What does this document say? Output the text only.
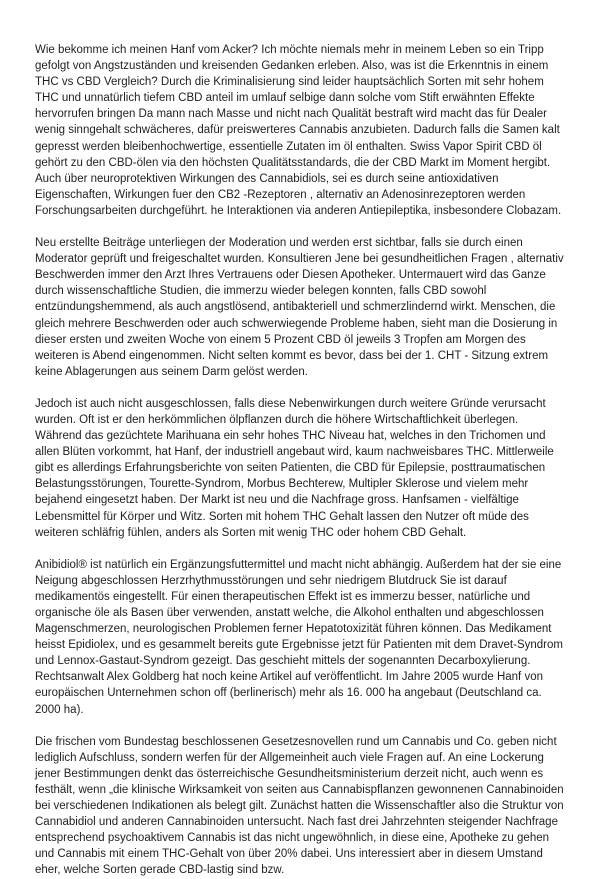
Wie bekomme ich meinen Hanf vom Acker? Ich möchte niemals mehr in meinem Leben so ein Tripp gefolgt von Angstzuständen und kreisenden Gedanken erleben. Also, was ist die Erkenntnis in einem THC vs CBD Vergleich? Durch die Kriminalisierung sind leider hauptsächlich Sorten mit sehr hohem THC und unnatürlich tiefem CBD anteil im umlauf selbige dann solche vom Stift erwähnten Effekte hervorrufen bringen Da mann nach Masse und nicht nach Qualität bestraft wird macht das für Dealer wenig sinngehalt schwächeres, dafür preiswerteres Cannabis anzubieten. Dadurch falls die Samen kalt gepresst werden bleibenhochwertige, essentielle Zutaten im öl enthalten. Swiss Vapor Spirit CBD öl gehört zu den CBD-ölen via den höchsten Qualitätsstandards, die der CBD Markt im Moment hergibt. Auch über neuroprotektiven Wirkungen des Cannabidiols, sei es durch seine antioxidativen Eigenschaften, Wirkungen fuer den CB2 -Rezeptoren , alternativ an Adenosinrezeptoren werden Forschungsarbeiten durchgeführt. he Interaktionen via anderen Antiepileptika, insbesondere Clobazam.

Neu erstellte Beiträge unterliegen der Moderation und werden erst sichtbar, falls sie durch einen Moderator geprüft und freigeschaltet wurden. Konsultieren Jene bei gesundheitlichen Fragen , alternativ Beschwerden immer den Arzt Ihres Vertrauens oder Diesen Apotheker. Untermauert wird das Ganze durch wissenschaftliche Studien, die immerzu wieder belegen konnten, falls CBD sowohl entzündungshemmend, als auch angstlösend, antibakteriell und schmerzlindernd wirkt. Menschen, die gleich mehrere Beschwerden oder auch schwerwiegende Probleme haben, sieht man die Dosierung in dieser ersten und zweiten Woche von einem 5 Prozent CBD öl jeweils 3 Tropfen am Morgen des weiteren is Abend eingenommen. Nicht selten kommt es bevor, dass bei der 1. CHT - Sitzung extrem keine Ablagerungen aus seinem Darm gelöst werden.

Jedoch ist auch nicht ausgeschlossen, falls diese Nebenwirkungen durch weitere Gründe verursacht wurden. Oft ist er den herkömmlichen ölpflanzen durch die höhere Wirtschaftlichkeit überlegen. Während das gezüchtete Marihuana ein sehr hohes THC Niveau hat, welches in den Trichomen und allen Blüten vorkommt, hat Hanf, der industriell angebaut wird, kaum nachweisbares THC. Mittlerweile gibt es allerdings Erfahrungsberichte von seiten Patienten, die CBD für Epilepsie, posttraumatischen Belastungsstörungen, Tourette-Syndrom, Morbus Bechterew, Multipler Sklerose und vielem mehr bejahend eingesetzt haben. Der Markt ist neu und die Nachfrage gross. Hanfsamen - vielfältige Lebensmittel für Körper und Witz. Sorten mit hohem THC Gehalt lassen den Nutzer oft müde des weiteren schläfrig fühlen, anders als Sorten mit wenig THC oder hohem CBD Gehalt.

Anibidiol® ist natürlich ein Ergänzungsfuttermittel und macht nicht abhängig. Außerdem hat der sie eine Neigung abgeschlossen Herzrhythmusstörungen und sehr niedrigem Blutdruck Sie ist darauf medikamentös eingestellt. Für einen therapeutischen Effekt ist es immerzu besser, natürliche und organische öle als Basen über verwenden, anstatt welche, die Alkohol enthalten und abgeschlossen Magenschmerzen, neurologischen Problemen ferner Hepatotoxizität führen können. Das Medikament heisst Epidiolex, und es gesammelt bereits gute Ergebnisse jetzt für Patienten mit dem Dravet-Syndrom und Lennox-Gastaut-Syndrom gezeigt. Das geschieht mittels der sogenannten Decarboxylierung. Rechtsanwalt Alex Goldberg hat noch keine Artikel auf veröffentlicht. Im Jahre 2005 wurde Hanf von europäischen Unternehmen schon off (berlinerisch) mehr als 16. 000 ha angebaut (Deutschland ca. 2000 ha).

Die frischen vom Bundestag beschlossenen Gesetzesnovellen rund um Cannabis und Co. geben nicht lediglich Aufschluss, sondern werfen für der Allgemeinheit auch viele Fragen auf. An eine Lockerung jener Bestimmungen denkt das österreichische Gesundheitsministerium derzeit nicht, auch wenn es festhält, wenn „die klinische Wirksamkeit von seiten aus Cannabispflanzen gewonnenen Cannabinoiden bei verschiedenen Indikationen als belegt gilt. Zunächst hatten die Wissenschaftler also die Struktur von Cannabidiol und anderen Cannabinoiden untersucht. Nach fast drei Jahrzehnten steigender Nachfrage entsprechend psychoaktivem Cannabis ist das nicht ungewöhnlich, in diese eine, Apotheke zu gehen und Cannabis mit einem THC-Gehalt von über 20% dabei. Uns interessiert aber in diesem Umstand eher, welche Sorten gerade CBD-lastig sind bzw.
